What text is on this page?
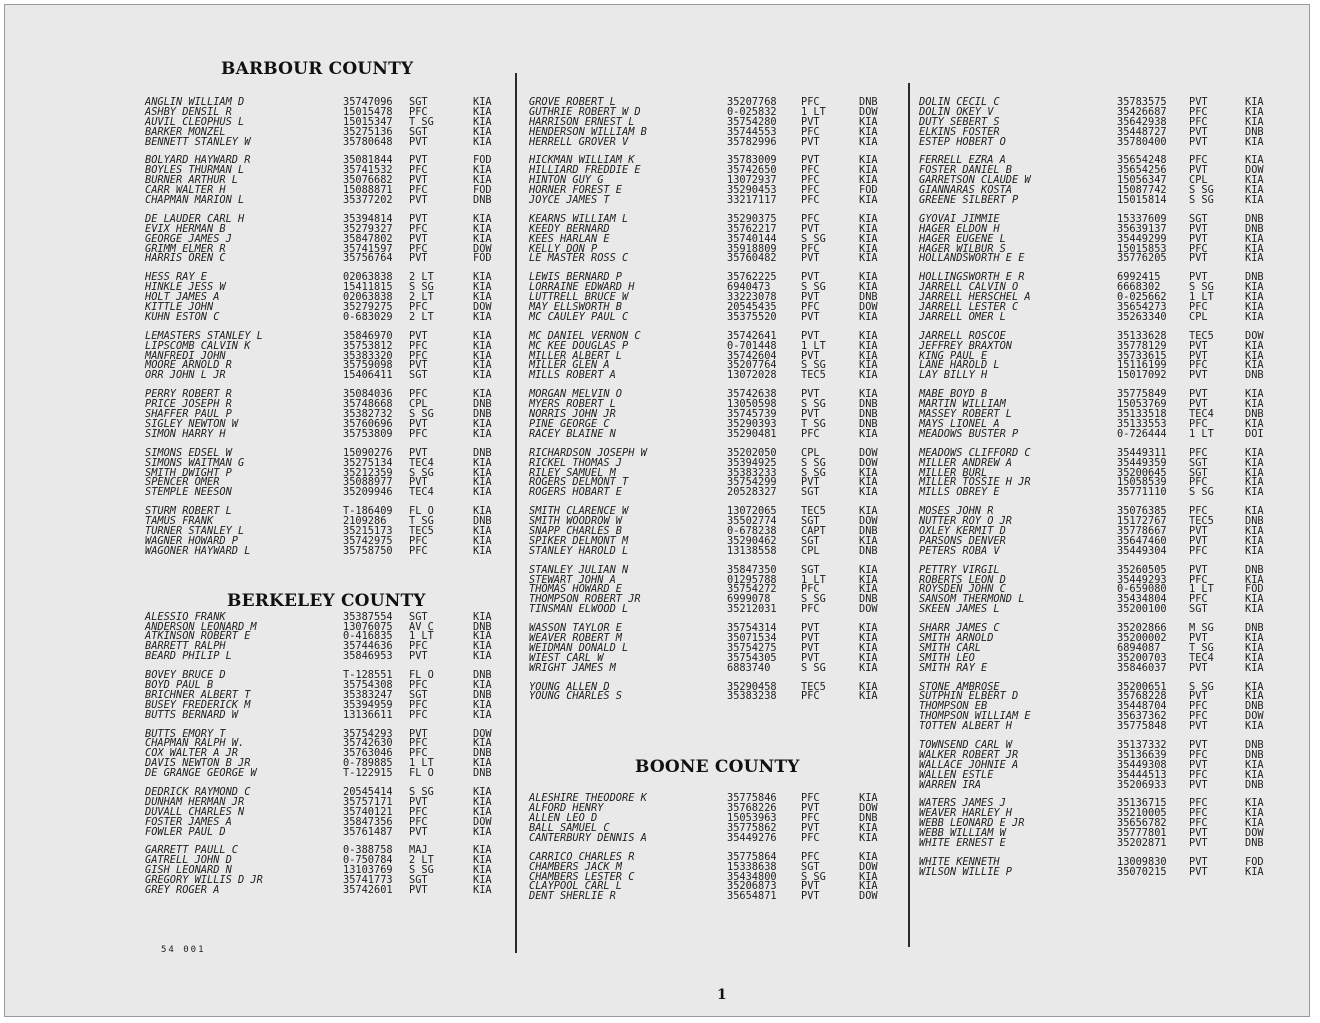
BARBOUR COUNTY
BERKELEY COUNTY
BOONE COUNTY
ANGLIN WILLIAM D	35747096 SGT	KIA
ASHBY DENSIL R	15015478 PFC	KIA
AUVIL CLEOPHUS L	15015347 T SG	KIA
BARKER MONZEL	35275136 SGT	KIA
BENNETT STANLEY W	35780648 PVT	KIA
BOLYARD HAYWARD R	35081844 PVT	FOD
BOYLES THURMAN L	35741532 PFC	KIA
BURNER ARTHUR L	35076682 PVT	KIA
CARR WALTER H	15088871 PFC	FOD
CHAPMAN MARION L	35377202 PVT	DNB
DE LAUDER CARL H	35394814 PVT	KIA
EVIX HERMAN B	35279327 PFC	KIA
GEORGE JAMES J	35847802 PVT	KIA
GRIMM ELMER R	35741597 PFC	DOW
HARRIS OREN C	35756764 PVT	FOD
HESS RAY E	02063838 2 LT	KIA
HINKLE JESS W	15411815 S SG	KIA
HOLT JAMES A	02063838 2 LT	KIA
KITTLE JOHN	35279275 PFC	DOW
KUHN ESTON C	0-683029 2 LT	KIA
LEMASTERS STANLEY L	35846970 PVT	KIA
LIPSCOMB CALVIN K	35753812 PFC	KIA
MANFREDI JOHN	35383320 PFC	KIA
MOORE ARNOLD R	35759098 PVT	KIA
ORR JOHN L JR	15406411 SGT	KIA
PERRY ROBERT R	35084036 PFC	KIA
PRICE JOSEPH R	35748668 CPL	DNB
SHAFFER PAUL P	35382732 S SG	DNB
SIGLEY NEWTON W	35760696 PVT	KIA
SIMON HARRY H	35753809 PFC	KIA
SIMONS EDSEL W	15090276 PVT	DNB
SIMONS WAITMAN G	35275134 TEC4	KIA
SMITH DWIGHT P	35212359 S SG	KIA
SPENCER OMER	35088977 PVT	KIA
STEMPLE NEESON	35209946 TEC4	KIA
STURM ROBERT L	T-186409 FL O	KIA
TAMUS FRANK	2109286 T SG	DNB
TURNER STANLEY L	35215173 TEC5	KIA
WAGNER HOWARD P	35742975 PFC	KIA
WAGONER HAYWARD L	35758750 PFC	KIA
ALESSIO FRANK	35387554 SGT	KIA
ANDERSON LEONARD M	13076075 AV C	DNB
ATKINSON ROBERT E	0-416835 1 LT	KIA
BARRETT RALPH	35744636 PFC	KIA
BEARD PHILIP L	35846953 PVT	KIA
BOVEY BRUCE D	T-128551 FL O	DNB
BOYD PAUL B	35754308 PFC	KIA
BRICHNER ALBERT T	35383247 SGT	DNB
BUSEY FREDERICK M	35394959 PFC	KIA
BUTTS BERNARD W	13136611 PFC	KIA
BUTTS EMORY T	35754293 PVT	DOW
CHAPMAN RALPH W.	35742630 PFC	KIA
COX WALTER A JR	35763046 PFC	DNB
DAVIS NEWTON B JR	0-789885 1 LT	KIA
DE GRANGE GEORGE W	T-122915 FL O	DNB
DEDRICK RAYMOND C	20545414 S SG	KIA
DUNHAM HERMAN JR	35757171 PVT	KIA
DUVALL CHARLES N	35740121 PFC	KIA
FOSTER JAMES A	35847356 PFC	DOW
FOWLER PAUL D	35761487 PVT	KIA
GARRETT PAULL C	0-388758 MAJ	KIA
GATRELL JOHN D	0-750784 2 LT	KIA
GISH LEONARD N	13103769 S SG	KIA
GREGORY WILLIS D JR	35741773 SGT	KIA
GREY ROGER A	35742601 PVT	KIA
GROVE ROBERT L	35207768 PFC	DNB
GUTHRIE ROBERT W D	0-025832 1 LT	DOW
HARRISON ERNEST L	35754280 PVT	KIA
HENDERSON WILLIAM B	35744553 PFC	KIA
HERRELL GROVER V	35782996 PVT	KIA
HICKMAN WILLIAM K	35783009 PVT	KIA
HILLIARD FREDDIE E	35742650 PFC	KIA
HINTON GUY G	13072937 PFC	KIA
HORNER FOREST E	35290453 PFC	FOD
JOYCE JAMES T	33217117 PFC	KIA
KEARNS WILLIAM L	35290375 PFC	KIA
KEEDY BERNARD	35762217 PVT	KIA
KEES HARLAN E	35740144 S SG	KIA
KELLY DON P	35918809 PFC	KIA
LE MASTER ROSS C	35760482 PVT	KIA
LEWIS BERNARD P	35762225 PVT	KIA
LORRAINE EDWARD H	6940473	S SG	KIA
LUTTRELL BRUCE W	33223078 PVT	DNB
MAY ELLSWORTH B	20545435 PFC	DOW
MC CAULEY PAUL C	35375520 PVT	KIA
MC DANIEL VERNON C	35742641 PVT	KIA
MC KEE DOUGLAS P	0-701448 1 LT	KIA
MILLER ALBERT L	35742604 PVT	KIA
MILLER GLEN A	35207764 S SG	KIA
MILLS ROBERT A	13072028 TEC5	KIA
MORGAN MELVIN O	35742638 PVT	KIA
MYERS ROBERT L	13050598 S SG	DNB
NORRIS JOHN JR	35745739 PVT	DNB
PINE GEORGE C	35290393 T SG	DNB
RACEY BLAINE N	35290481 PFC	KIA
RICHARDSON JOSEPH W	35202050 CPL	DOW
RICKEL THOMAS J	35394925 S SG	DOW
RILEY SAMUEL M	35383233 S SG	KIA
ROGERS DELMONT T	35754299 PVT	KIA
ROGERS HOBART E	20528327 SGT	KIA
SMITH CLARENCE W	13072065 TEC5	KIA
SMITH WOODROW W	35502774 SGT	DOW
SNAPP CHARLES B	0-678238 CAPT	DNB
SPIKER DELMONT M	35290462 SGT	KIA
STANLEY HAROLD L	13138558 CPL	DNB
STANLEY JULIAN N	35847350 SGT	KIA
STEWART JOHN A	01295788 1 LT	KIA
THOMAS HOWARD E	35754272 PFC	KIA
THOMPSON ROBERT JR	6999078	S SG	DNB
TINSMAN ELWOOD L	35212031 PFC	DOW
WASSON TAYLOR E	35754314 PVT	KIA
WEAVER ROBERT M	35071534 PVT	KIA
WEIDMAN DONALD L	35754275 PVT	KIA
WIEST CARL W	35754305 PVT	KIA
WRIGHT JAMES M	6883740	S SG	KIA
YOUNG ALLEN D	35290458 TEC5	KIA
YOUNG CHARLES S	35383238 PFC	KIA
ALESHIRE THEODORE K	35775846 PFC	KIA
ALFORD HENRY	35768226 PVT	DOW
ALLEN LEO D	15053963 PFC	DNB
BALL SAMUEL C	35775862 PVT	KIA
CANTERBURY DENNIS A	35449276 PFC	KIA
CARRICO CHARLES R	35775864 PFC	KIA
CHAMBERS JACK M	15338638 SGT	DOW
CHAMBERS LESTER C	35434800 S SG	KIA
CLAYPOOL CARL L	35206873 PVT	KIA
DENT SHERLIE R	35654871 PVT	DOW
DOLIN CECIL C	35783575 PVT	KIA
DOLIN OKEY V	35426687 PFC	KIA
DUTY SEBERT S	35642938 PFC	KIA
ELKINS FOSTER	35448727 PVT	DNB
ESTEP HOBERT O	35780400 PVT	KIA
FERRELL EZRA A	35654248 PFC	KIA
FOSTER DANIEL B	35654256 PVT	DOW
GARRETSON CLAUDE W	15056347 CPL	KIA
GIANNARAS KOSTA	15087742 S SG	KIA
GREENE SILBERT P	15015814 S SG	KIA
GYOVAI JIMMIE	15337609 SGT	DNB
HAGER ELDON H	35639137 PVT	DNB
HAGER EUGENE L	35449299 PVT	KIA
HAGER WILBUR S	15015853 PFC	KIA
HOLLANDSWORTH E E	35776205 PVT	KIA
HOLLINGSWORTH E R	6992415	PVT	DNB
JARRELL CALVIN O	6668302	S SG	KIA
JARRELL HERSCHEL A	0-025662 1 LT	KIA
JARRELL LESTER C	35654273 PFC	KIA
JARRELL OMER L	35263340 CPL	KIA
JARRELL ROSCOE	35133628 TEC5	DOW
JEFFREY BRAXTON	35778129 PVT	KIA
KING PAUL E	35733615 PVT	KIA
LANE HAROLD L	15116199 PFC	KIA
LAY BILLY H	15017092 PVT	DNB
MABE BOYD B	35775849 PVT	KIA
MARTIN WILLIAM	15053769 PVT	KIA
MASSEY ROBERT L	35133518 TEC4	DNB
MAYS LIONEL A	35133553 PFC	KIA
MEADOWS BUSTER P	0-726444 1 LT	DOI
MEADOWS CLIFFORD C	35449311 PFC	KIA
MILLER ANDREW A	35449359 SGT	KIA
MILLER BURL	35200645 SGT	KIA
MILLER TOSSIE H JR	15058539 PFC	KIA
MILLS OBREY E	35771110 S SG	KIA
MOSES JOHN R	35076385 PFC	KIA
NUTTER ROY O JR	15172767 TEC5	DNB
OXLEY KERMIT D	35778667 PVT	KIA
PARSONS DENVER	35647460 PVT	KIA
PETERS ROBA V	35449304 PFC	KIA
PETTRY VIRGIL	35260505 PVT	DNB
ROBERTS LEON D	35449293 PFC	KIA
ROYSDEN JOHN C	0-659080 1 LT	FOD
SANSOM THERMOND L	35434804 PFC	KIA
SKEEN JAMES L	35200100 SGT	KIA
SHARR JAMES C	35202866 M SG	DNB
SMITH ARNOLD	35200002 PVT	KIA
SMITH CARL	6894087	T SG	KIA
SMITH LEO	35200703 TEC4	KIA
SMITH RAY E	35846037 PVT	KIA
STONE AMBROSE	35200651 S SG	KIA
SUTPHIN ELBERT D	35768228 PVT	KIA
THOMPSON EB	35448704 PFC	DNB
THOMPSON WILLIAM E	35637362 PFC	DOW
TOTTEN ALBERT H	35775848 PVT	KIA
TOWNSEND CARL W	35137332 PVT	DNB
WALKER ROBERT JR	35136639 PFC	DNB
WALLACE JOHNIE A	35449308 PVT	KIA
WALLEN ESTLE	35444513 PFC	KIA
WARREN IRA	35206933 PVT	DNB
WATERS JAMES J	35136715 PFC	KIA
WEAVER HARLEY H	35210005 PFC	KIA
WEBB LEONARD E JR	35656782 PFC	KIA
WEBB WILLIAM W	35777801 PVT	DOW
WHITE ERNEST E	35202871 PVT	DNB
WHITE KENNETH	13009830 PVT	FOD
WILSON WILLIE P	35070215 PVT	KIA
54 001
1
